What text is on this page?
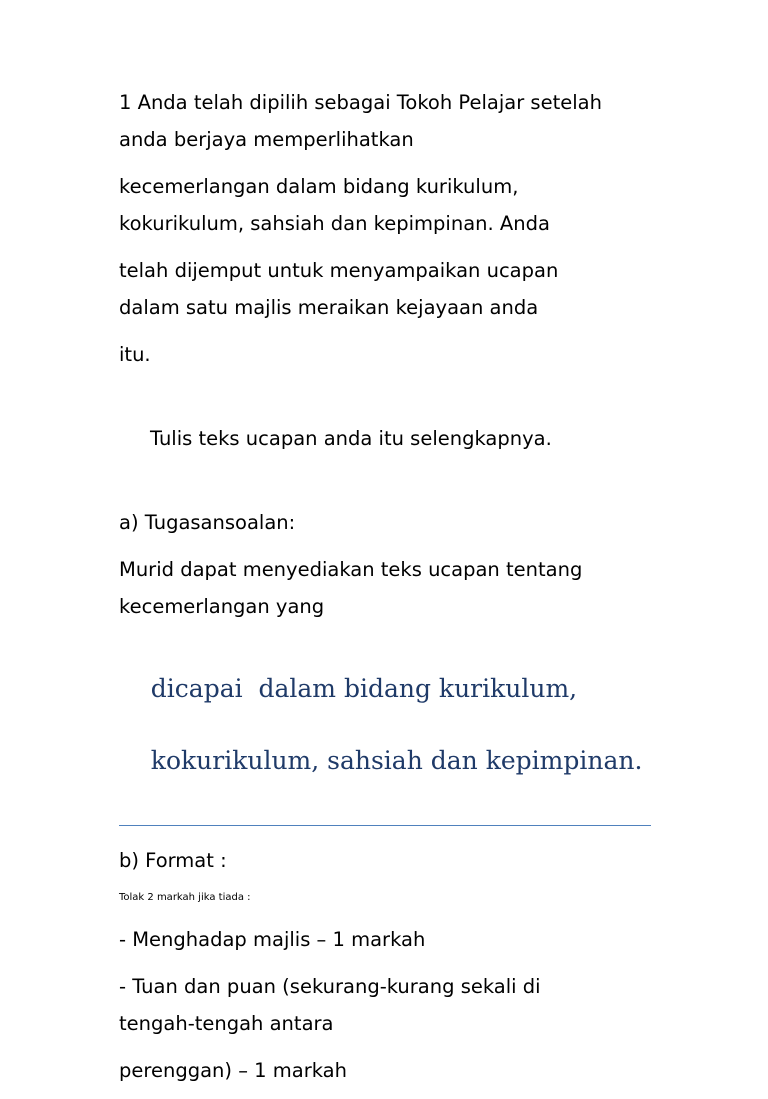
1 Anda telah dipilih sebagai Tokoh Pelajar setelah
anda berjaya memperlihatkan

kecemerlangan dalam bidang kurikulum,
kokurikulum, sahsiah dan kepimpinan. Anda

telah dijemput untuk menyampaikan ucapan
dalam satu majlis meraikan kejayaan anda

itu.

Tulis teks ucapan anda itu selengkapnya.

a) Tugasansoalan:

Murid dapat menyediakan teks ucapan tentang
kecemerlangan yang

dicapai  dalam bidang kurikulum,

kokurikulum, sahsiah dan kepimpinan.

b) Format :

Tolak 2 markah jika tiada :

- Menghadap majlis – 1 markah

- Tuan dan puan (sekurang-kurang sekali di
tengah-tengah antara

perenggan) – 1 markah
